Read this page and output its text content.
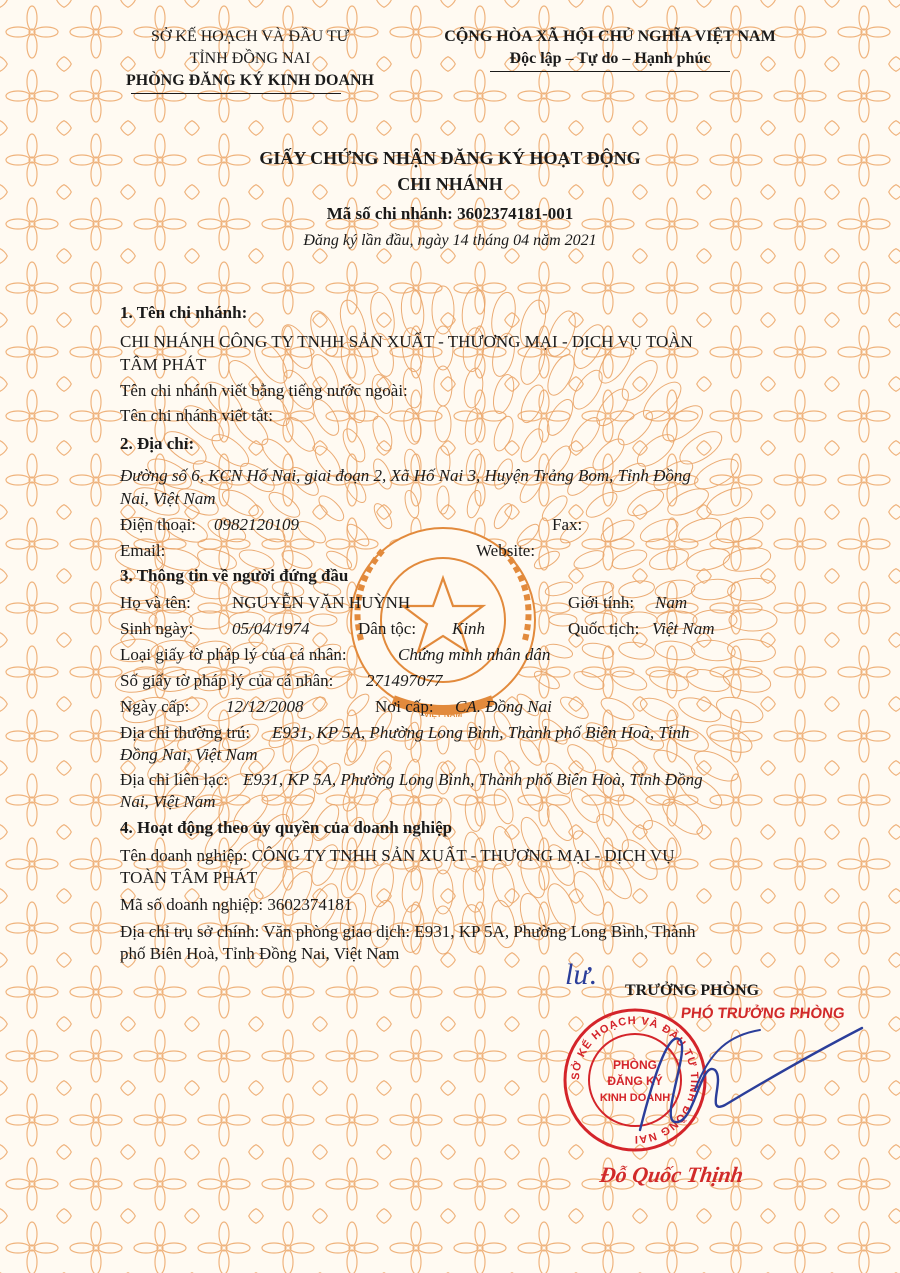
VIỆT NAM
SỞ KẾ HOẠCH VÀ ĐẦU TƯ
TỈNH ĐỒNG NAI
PHÒNG ĐĂNG KÝ KINH DOANH
CỘNG HÒA XÃ HỘI CHỦ NGHĨA VIỆT NAM
Độc lập – Tự do – Hạnh phúc
GIẤY CHỨNG NHẬN ĐĂNG KÝ HOẠT ĐỘNG
CHI NHÁNH
Mã số chi nhánh: 3602374181-001
Đăng ký lần đầu, ngày 14 tháng 04 năm 2021
1. Tên chi nhánh:
CHI NHÁNH CÔNG TY TNHH SẢN XUẤT - THƯƠNG MẠI - DỊCH VỤ TOÀN
TÂM PHÁT
Tên chi nhánh viết bằng tiếng nước ngoài:
Tên chi nhánh viết tắt:
2. Địa chỉ:
Đường số 6, KCN Hố Nai, giai đoạn 2, Xã Hố Nai 3, Huyện Trảng Bom, Tỉnh Đồng
Nai, Việt Nam
Điện thoại: 0982120109	Fax:
Email:	Website:
3. Thông tin về người đứng đầu
Họ và tên: NGUYỄN VĂN HUỲNH	Giới tính: Nam
Sinh ngày: 05/04/1974	Dân tộc: Kinh	Quốc tịch: Việt Nam
Loại giấy tờ pháp lý của cá nhân:	Chứng minh nhân dân
Số giấy tờ pháp lý của cá nhân: 271497077
Ngày cấp: 12/12/2008	Nơi cấp: CA. Đồng Nai
Địa chỉ thường trú: E931, KP 5A, Phường Long Bình, Thành phố Biên Hoà, Tỉnh
Đồng Nai, Việt Nam
Địa chỉ liên lạc: E931, KP 5A, Phường Long Bình, Thành phố Biên Hoà, Tỉnh Đồng
Nai, Việt Nam
4. Hoạt động theo ủy quyền của doanh nghiệp
Tên doanh nghiệp: CÔNG TY TNHH SẢN XUẤT - THƯƠNG MẠI - DỊCH VỤ
TOÀN TÂM PHÁT
Mã số doanh nghiệp: 3602374181
Địa chỉ trụ sở chính: Văn phòng giao dịch: E931, KP 5A, Phường Long Bình, Thành
phố Biên Hoà, Tỉnh Đồng Nai, Việt Nam
lư. TRƯỞNG PHÒNG
PHÓ TRƯỞNG PHÒNG
SỞ KẾ HOẠCH VÀ ĐẦU TƯ TỈNH ĐỒNG NAI
PHÒNG
ĐĂNG KÝ
KINH DOANH
Đỗ Quốc Thịnh
